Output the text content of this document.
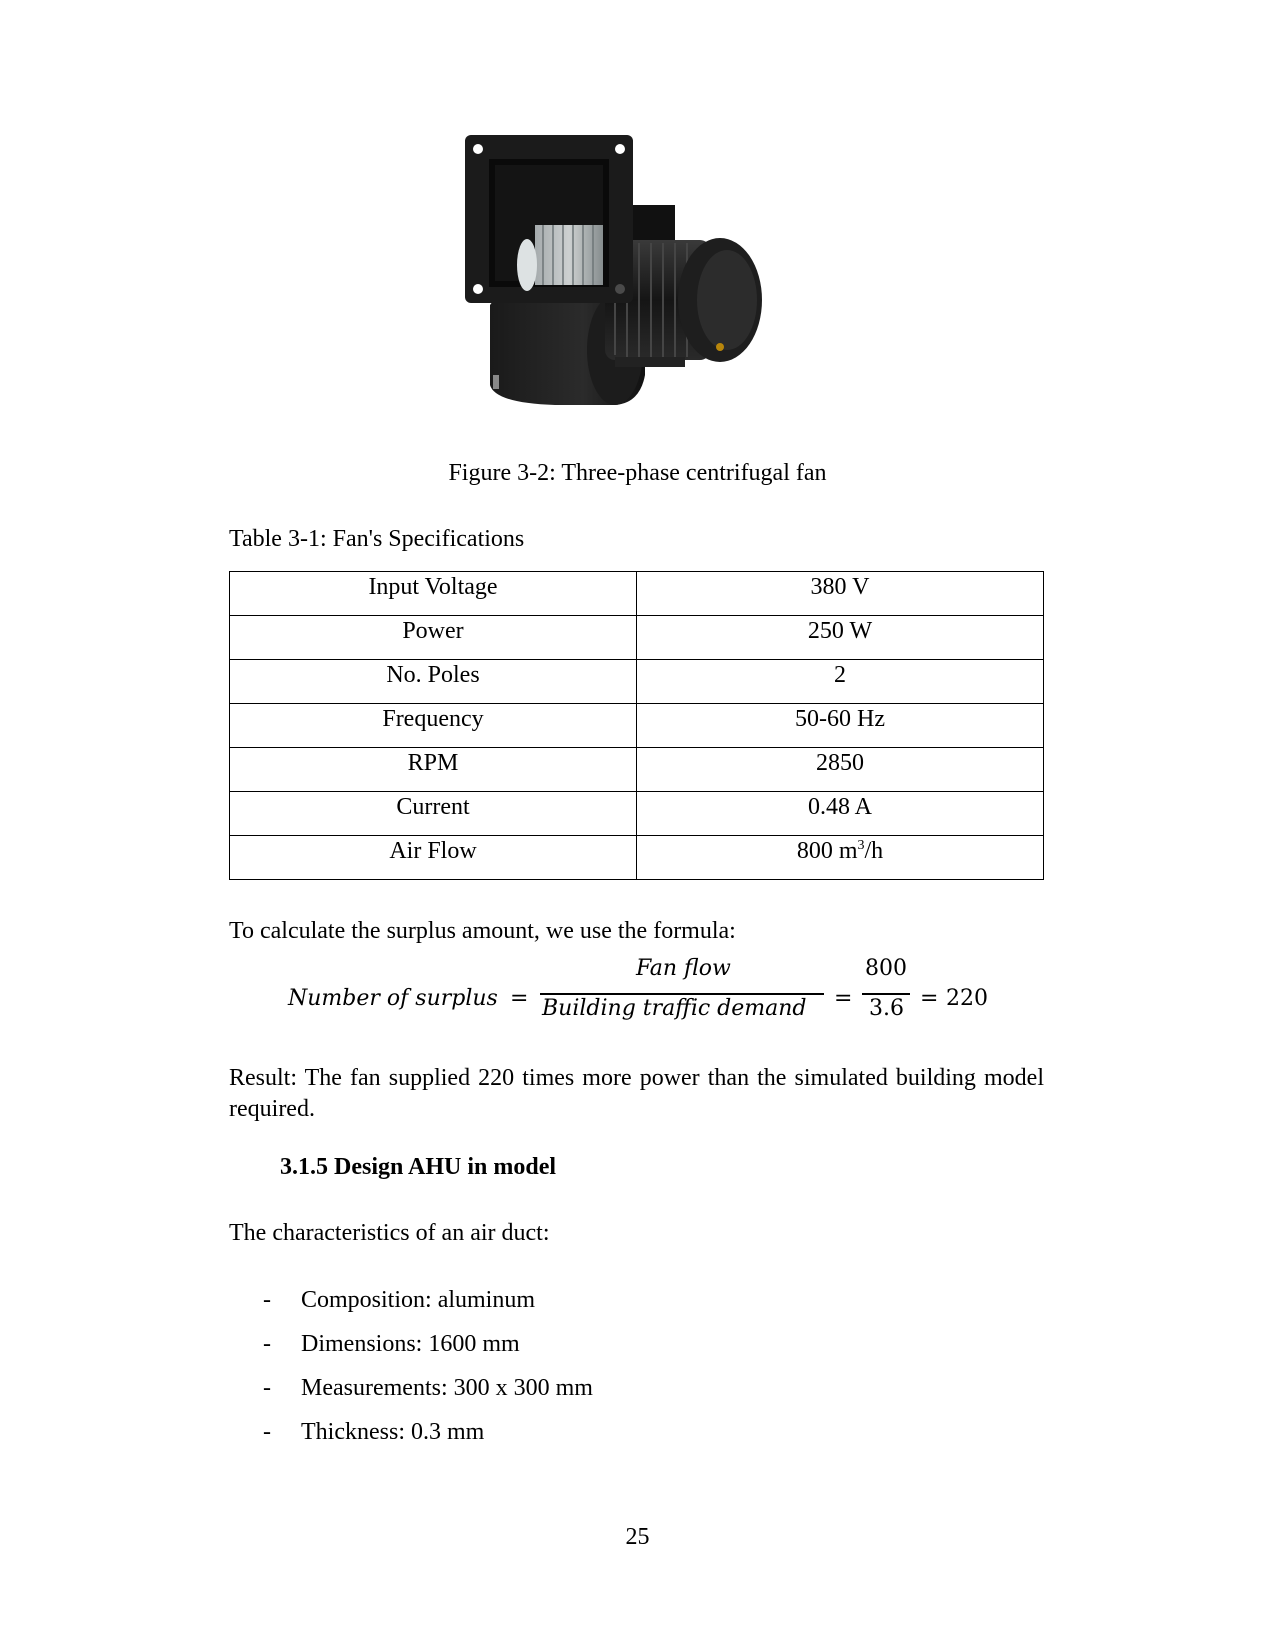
Figure 3-2: Three-phase centrifugal fan
Table 3-1: Fan's Specifications
Input Voltage	380 V
Power	250 W
No. Poles	2
Frequency	50-60 Hz
RPM	2850
Current	0.48 A
Air Flow	800 $m^3/h$
To calculate the surplus amount, we use the formula:
Number of surplus =
Fan flow
Building traffic demand =
800
3.6 = 220
Result: The fan supplied 220 times more power than the simulated building model required.
3.1.5 Design AHU in model
The characteristics of an air duct:
- Composition: aluminum
- Dimensions: 1600 mm
- Measurements: 300 x 300 mm
- Thickness: 0.3 mm
25
